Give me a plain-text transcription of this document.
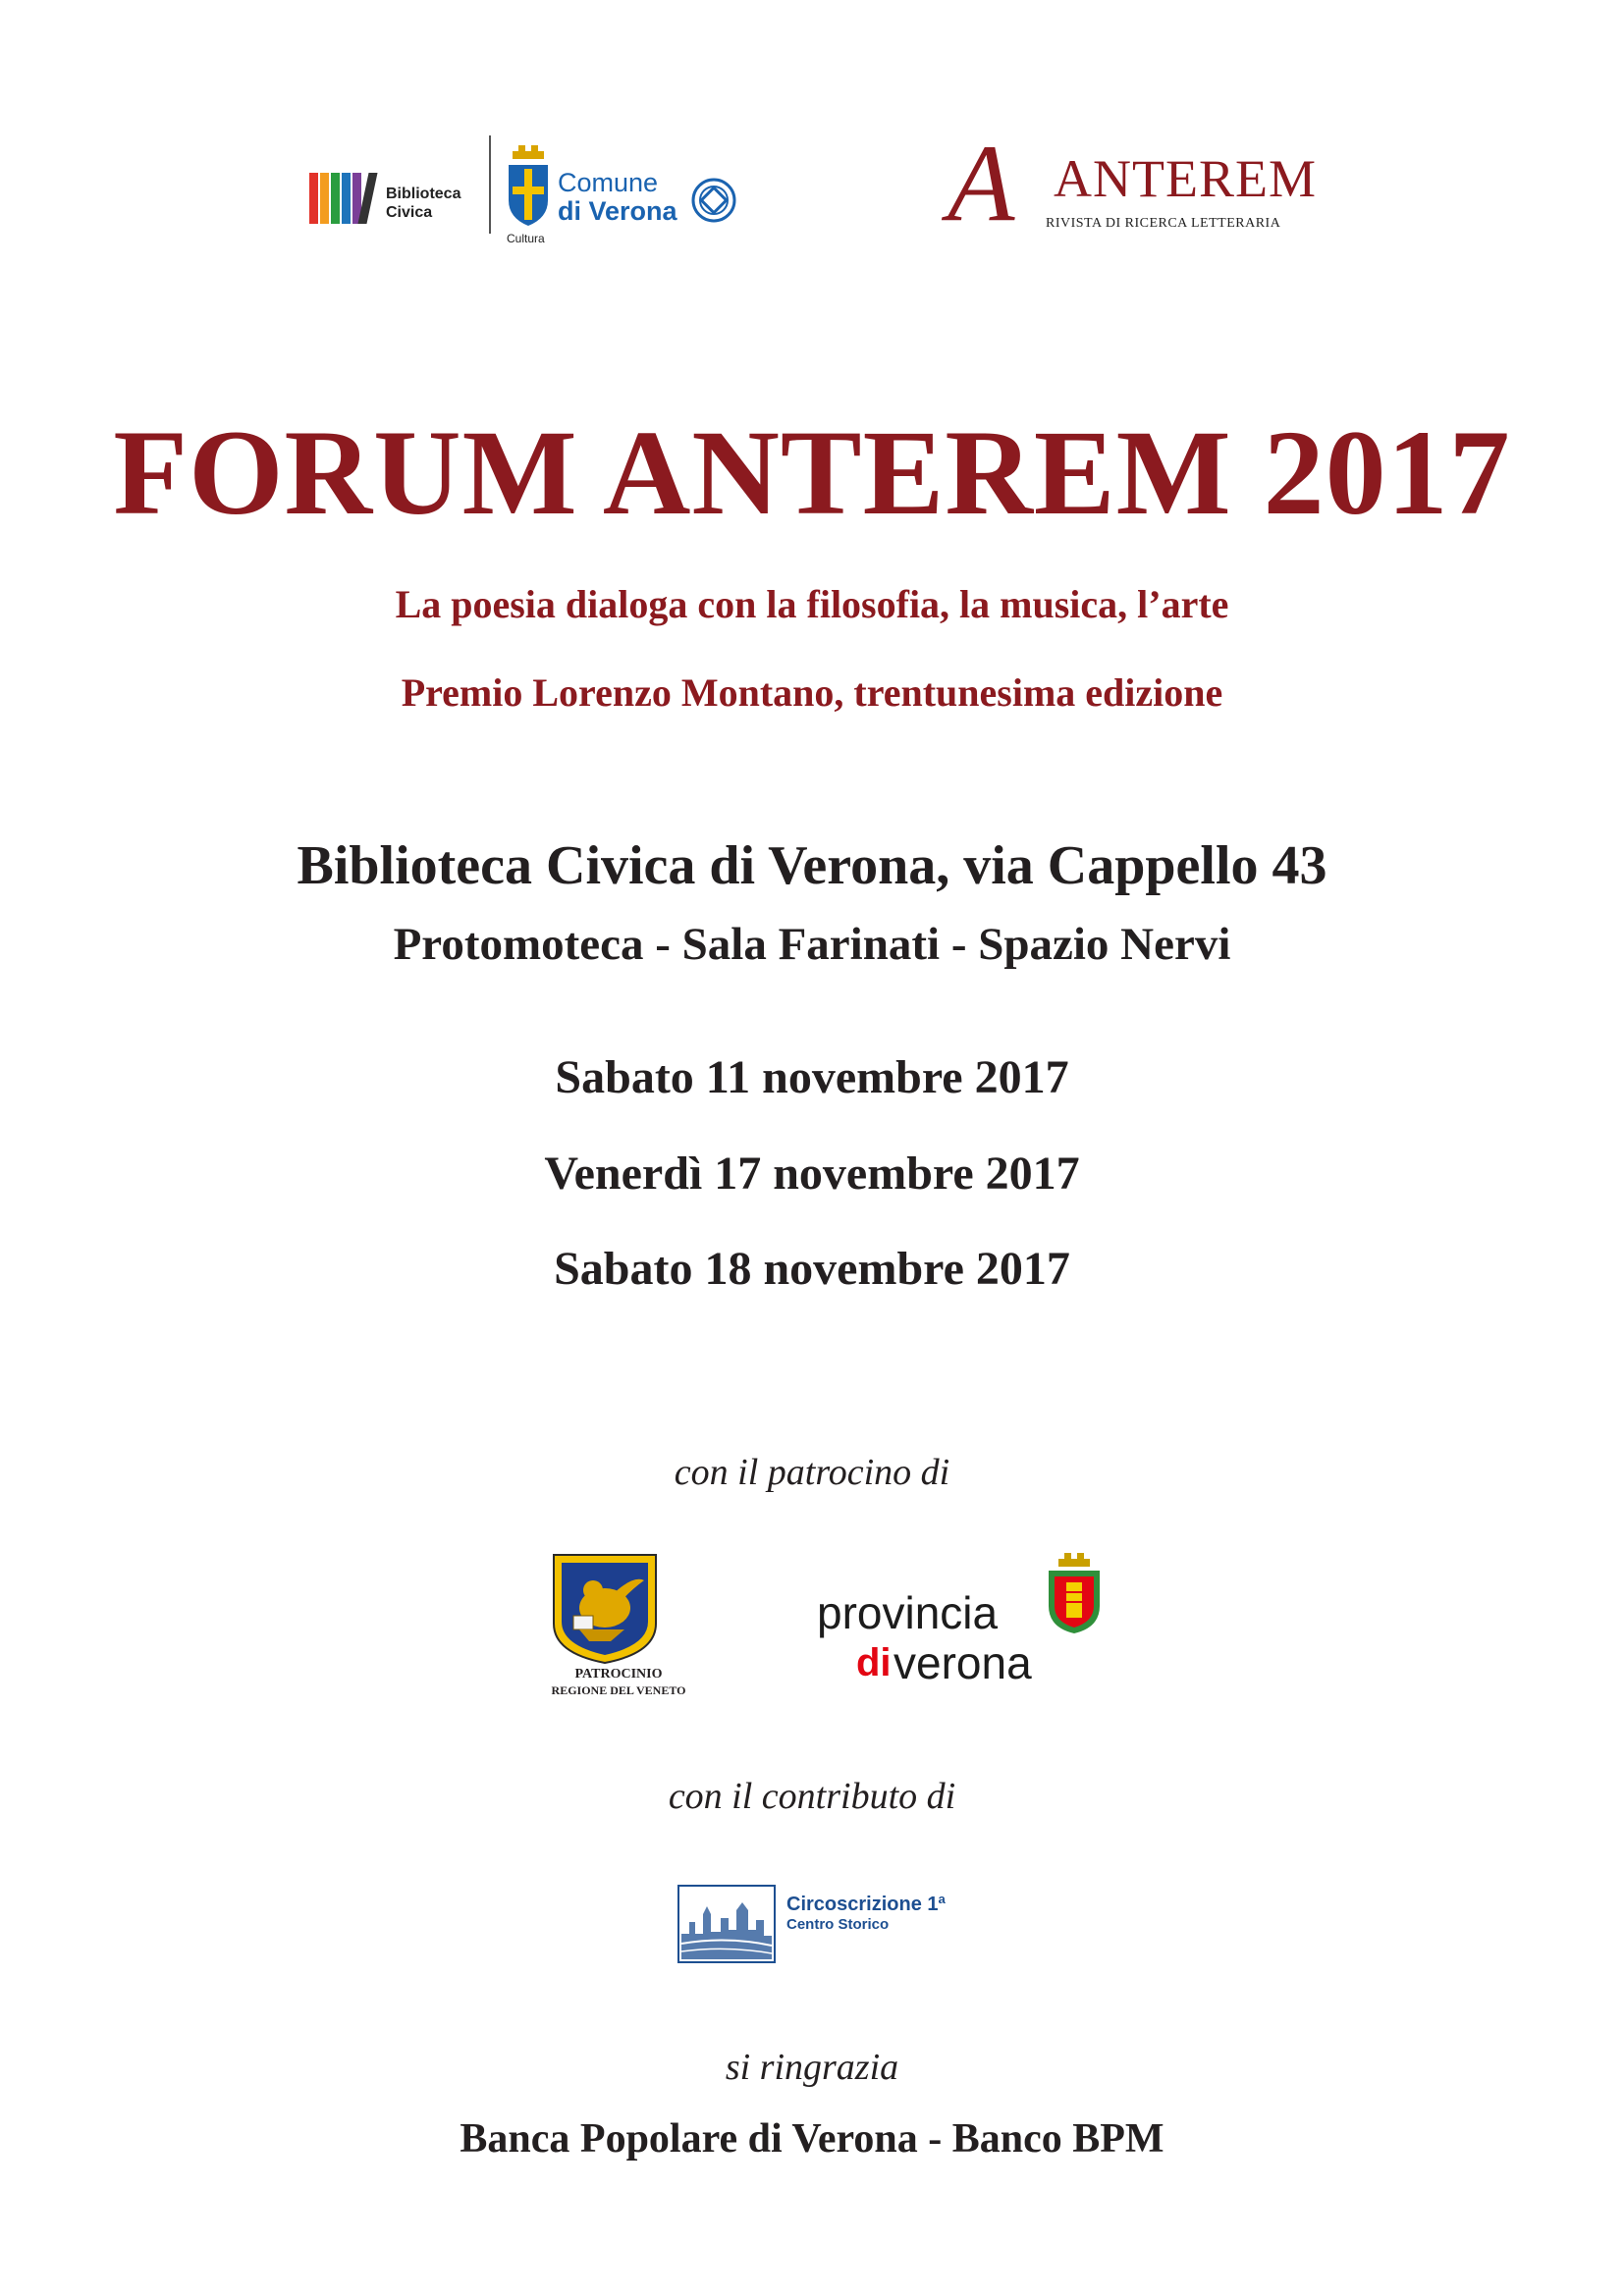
Biblioteca
Civica
Comune
di Verona
Cultura	A ANTEREM
RIVISTA DI RICERCA LETTERARIA
FORUM ANTEREM 2017
La poesia dialoga con la filosofia, la musica, l’arte
Premio Lorenzo Montano, trentunesima edizione
Biblioteca Civica di Verona, via Cappello 43
Protomoteca - Sala Farinati - Spazio Nervi
Sabato 11 novembre 2017
Venerdì 17 novembre 2017
Sabato 18 novembre 2017
con il patrocino di
PATROCINIO
REGIONE DEL VENETO
provincia
di verona
con il contributo di
Circoscrizione 1ª
Centro Storico
si ringrazia
Banca Popolare di Verona - Banco BPM
